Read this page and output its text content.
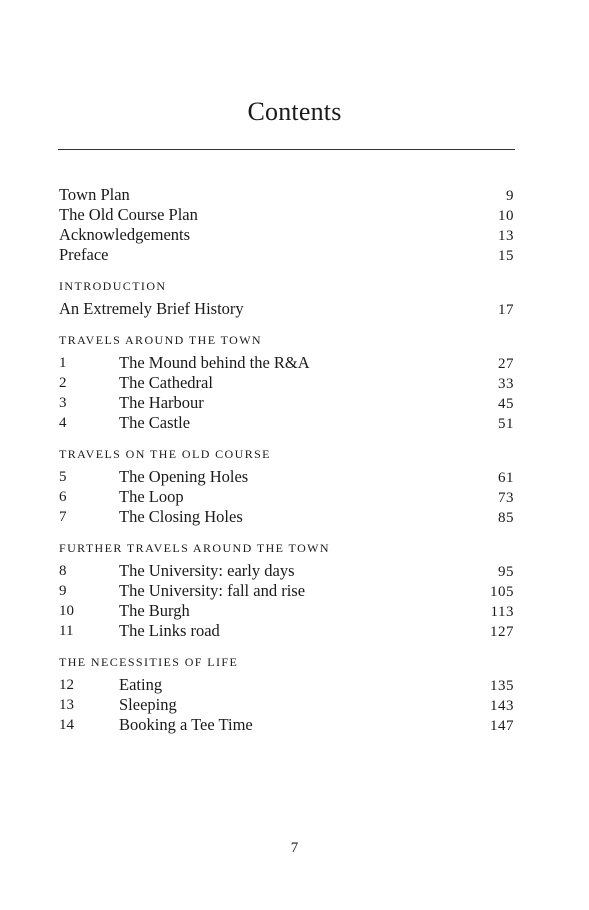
Contents
Town Plan	9
The Old Course Plan	10
Acknowledgements	13
Preface	15
INTRODUCTION
An Extremely Brief History	17
TRAVELS AROUND THE TOWN
1	The Mound behind the R&A	27
2	The Cathedral	33
3	The Harbour	45
4	The Castle	51
TRAVELS ON THE OLD COURSE
5	The Opening Holes	61
6	The Loop	73
7	The Closing Holes	85
FURTHER TRAVELS AROUND THE TOWN
8	The University: early days	95
9	The University: fall and rise	105
10	The Burgh	113
11	The Links road	127
THE NECESSITIES OF LIFE
12	Eating	135
13	Sleeping	143
14	Booking a Tee Time	147
7
